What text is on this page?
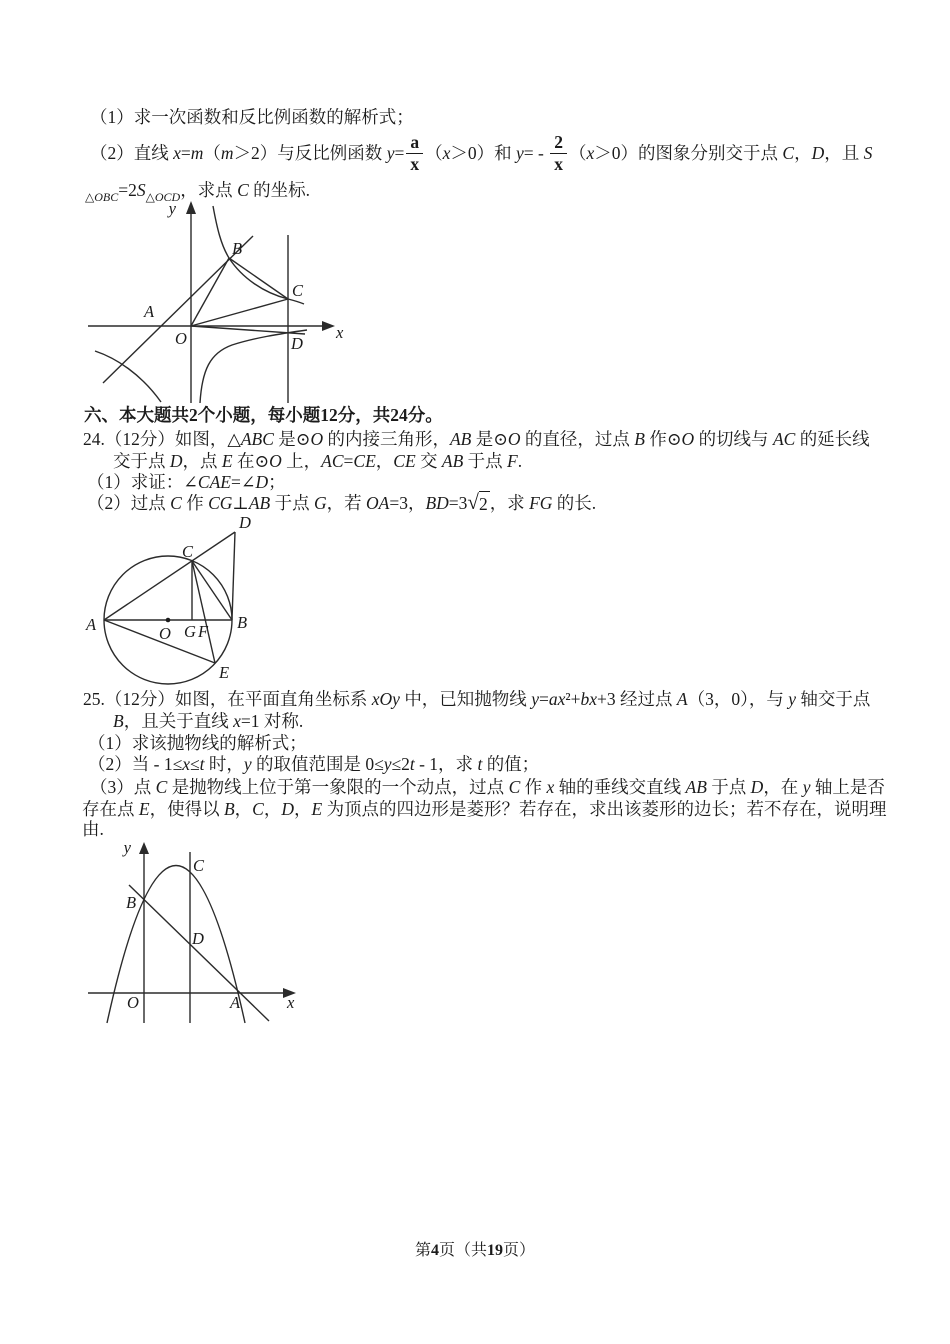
（1）求一次函数和反比例函数的解析式；
（2）直线 x=m（m＞2）与反比例函数 $y= \frac{a}{x} (x>0)$和 $y= - \frac{2}{x} (x>0)$的图象分别交于点 C，D，且 S
$_{\triangle OBC}=2S_{\triangle OCD}$，求点 C 的坐标.
y
B
C
A
O	x
D
六、本大题共2个小题，每小题12分，共24分。
24.（12分）如图，△ABC 是⊙O 的内接三角形，AB 是⊙O 的直径，过点 B 作⊙O 的切线与 AC 的延长线
交于点 D，点 E 在⊙O 上，AC=CE，CE 交 AB 于点 F.
（1）求证：∠CAE=∠D；
（2）过点 C 作 CG⊥AB 于点 G，若 OA=3，BD=3 √ 2 ，求 FG 的长.
A	B
C
D
E
G F
O
25.（12分）如图，在平面直角坐标系 xOy 中，已知抛物线 y=ax²+bx+3 经过点 A（3，0），与 y 轴交于点
B，且关于直线 x=1 对称.
（1）求该抛物线的解析式；
（2）当 - 1≤x≤t 时，y 的取值范围是 0≤y≤2t - 1，求 t 的值；
（3）点 C 是抛物线上位于第一象限的一个动点，过点 C 作 x 轴的垂线交直线 AB 于点 D，在 y 轴上是否
存在点 E，使得以 B，C，D，E 为顶点的四边形是菱形？若存在，求出该菱形的边长；若不存在，说明理
由.
y
x
O
B
C
D
A
第4页（共19页）
